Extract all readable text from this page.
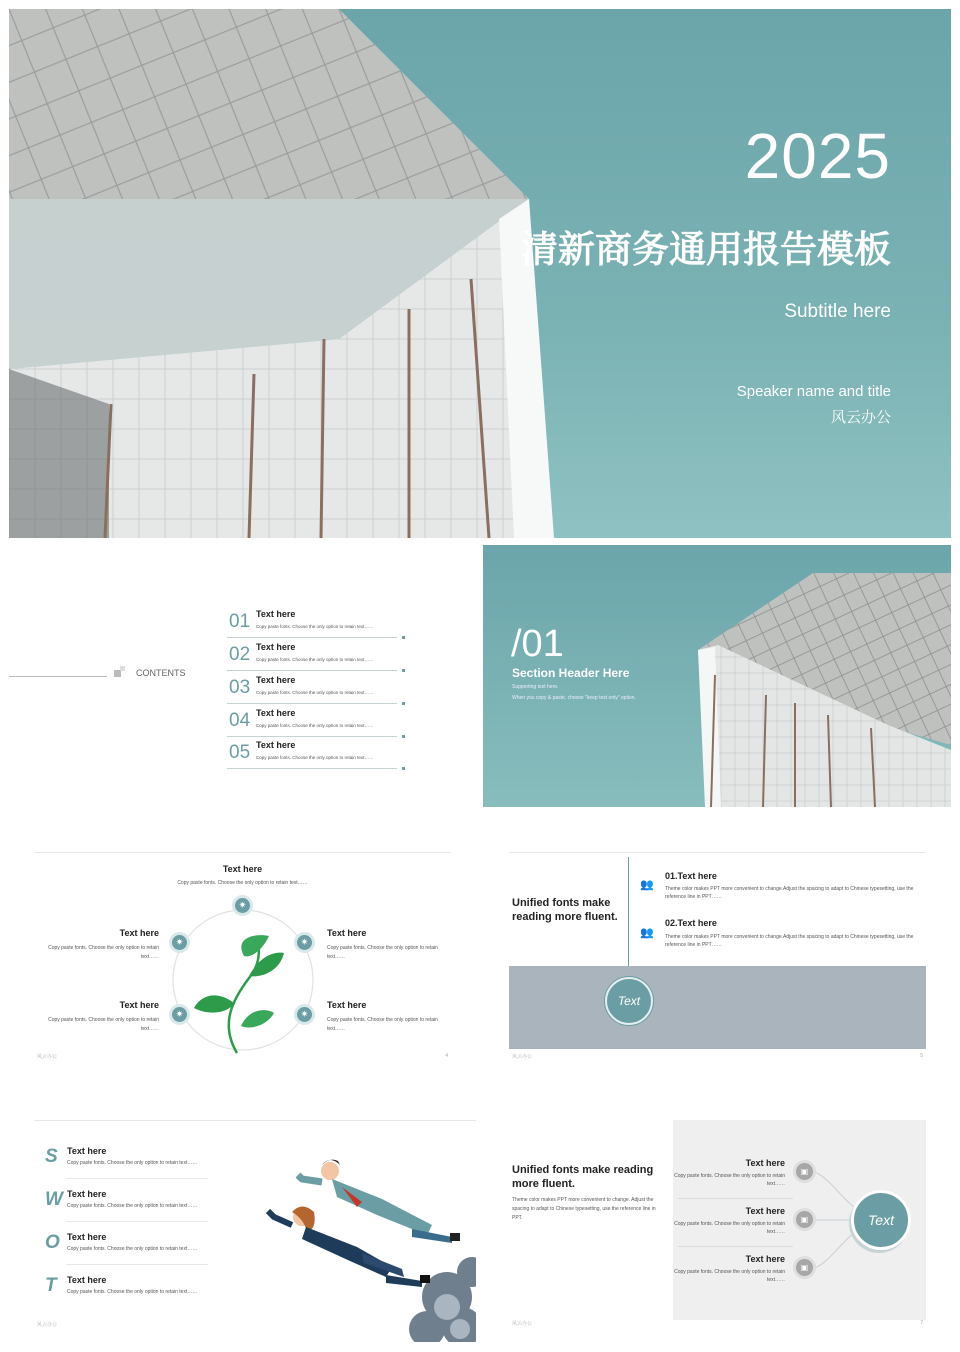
2025
清新商务通用报告模板
Subtitle here
Speaker name and title
风云办公
CONTENTS
01 Text here
Copy paste fonts. Choose the only option to retain text……
02 Text here
Copy paste fonts. Choose the only option to retain text……
03 Text here
Copy paste fonts. Choose the only option to retain text……
04 Text here
Copy paste fonts. Choose the only option to retain text……
05 Text here
Copy paste fonts. Choose the only option to retain text……
/01
Section Header Here
Supporting text here.
When you copy & paste, choose "keep text only" option.
Text here
Copy paste fonts. Choose the only option to retain text……
✷
✷
✷
✷
✷
Text here
Copy paste fonts. Choose the only option to retain text……
Text here
Copy paste fonts. Choose the only option to retain text……
Text here
Copy paste fonts. Choose the only option to retain text……
Text here
Copy paste fonts. Choose the only option to retain text……
风云办公	4
Unified fonts make reading more fluent.
👥
01.Text here
Theme color makes PPT more convenient to change.Adjust the spacing to adapt to Chinese typesetting, use the reference line in PPT……
👥
02.Text here
Theme color makes PPT more convenient to change.Adjust the spacing to adapt to Chinese typesetting, use the reference line in PPT……
Text
风云办公	5
S Text here
Copy paste fonts. Choose the only option to retain text……
W Text here
Copy paste fonts. Choose the only option to retain text……
O Text here
Copy paste fonts. Choose the only option to retain text……
T Text here
Copy paste fonts. Choose the only option to retain text……
风云办公
Unified fonts make reading more fluent.
Theme color makes PPT more convenient to change. Adjust the spacing to adapt to Chinese typesetting, use the reference line in PPT.
Text here
Copy paste fonts. Choose the only option to retain text……
▣
Text here
Copy paste fonts. Choose the only option to retain text……
▣
Text here
Copy paste fonts. Choose the only option to retain text……
▣
Text
风云办公	7
